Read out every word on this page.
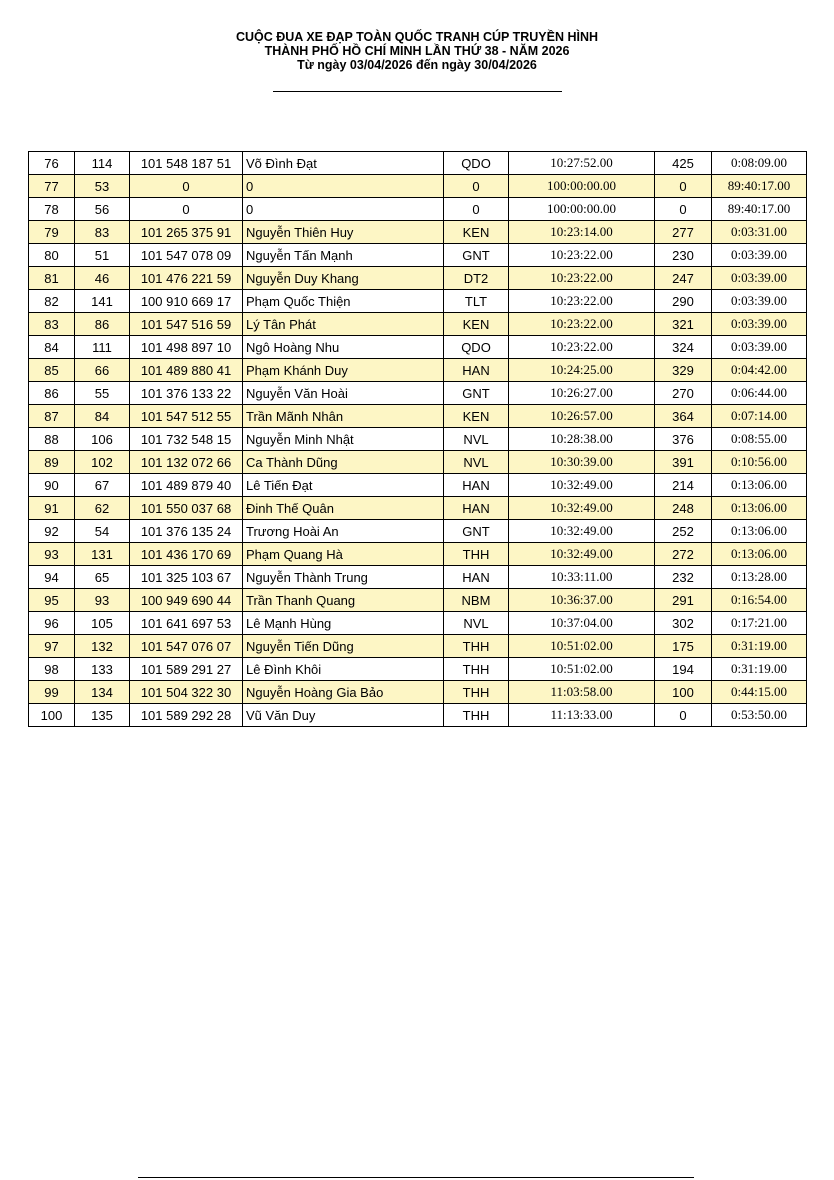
CUỘC ĐUA XE ĐẠP TOÀN QUỐC TRANH CÚP TRUYỀN HÌNH
THÀNH PHỐ HỒ CHÍ MINH LẦN THỨ 38 - NĂM 2026
Từ ngày 03/04/2026 đến ngày 30/04/2026
76	114	101 548 187 51	Võ Đình Đạt	QDO	10:27:52.00	425	0:08:09.00
77	53	0	0	0	100:00:00.00	0	89:40:17.00
78	56	0	0	0	100:00:00.00	0	89:40:17.00
79	83	101 265 375 91	Nguyễn Thiên Huy	KEN	10:23:14.00	277	0:03:31.00
80	51	101 547 078 09	Nguyễn Tấn Mạnh	GNT	10:23:22.00	230	0:03:39.00
81	46	101 476 221 59	Nguyễn Duy Khang	DT2	10:23:22.00	247	0:03:39.00
82	141	100 910 669 17	Phạm Quốc Thiện	TLT	10:23:22.00	290	0:03:39.00
83	86	101 547 516 59	Lý Tân Phát	KEN	10:23:22.00	321	0:03:39.00
84	111	101 498 897 10	Ngô Hoàng Nhu	QDO	10:23:22.00	324	0:03:39.00
85	66	101 489 880 41	Phạm Khánh Duy	HAN	10:24:25.00	329	0:04:42.00
86	55	101 376 133 22	Nguyễn Văn Hoài	GNT	10:26:27.00	270	0:06:44.00
87	84	101 547 512 55	Trần Mãnh Nhân	KEN	10:26:57.00	364	0:07:14.00
88	106	101 732 548 15	Nguyễn Minh Nhật	NVL	10:28:38.00	376	0:08:55.00
89	102	101 132 072 66	Ca Thành Dũng	NVL	10:30:39.00	391	0:10:56.00
90	67	101 489 879 40	Lê Tiến Đạt	HAN	10:32:49.00	214	0:13:06.00
91	62	101 550 037 68	Đinh Thế Quân	HAN	10:32:49.00	248	0:13:06.00
92	54	101 376 135 24	Trương Hoài An	GNT	10:32:49.00	252	0:13:06.00
93	131	101 436 170 69	Phạm Quang Hà	THH	10:32:49.00	272	0:13:06.00
94	65	101 325 103 67	Nguyễn Thành Trung	HAN	10:33:11.00	232	0:13:28.00
95	93	100 949 690 44	Trần Thanh Quang	NBM	10:36:37.00	291	0:16:54.00
96	105	101 641 697 53	Lê Mạnh Hùng	NVL	10:37:04.00	302	0:17:21.00
97	132	101 547 076 07	Nguyễn Tiến Dũng	THH	10:51:02.00	175	0:31:19.00
98	133	101 589 291 27	Lê Đình Khôi	THH	10:51:02.00	194	0:31:19.00
99	134	101 504 322 30	Nguyễn Hoàng Gia Bảo	THH	11:03:58.00	100	0:44:15.00
100	135	101 589 292 28	Vũ Văn Duy	THH	11:13:33.00	0	0:53:50.00
